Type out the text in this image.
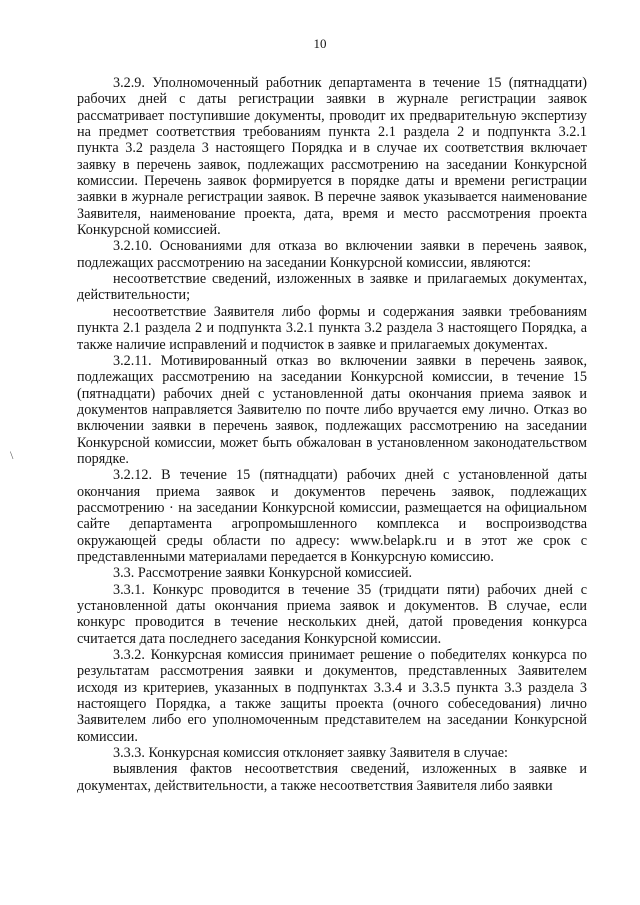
10
\

3.2.9. Уполномоченный работник департамента в течение 15 (пятнадцати) рабочих дней с даты регистрации заявки в журнале регистрации заявок рассматривает поступившие документы, проводит их предварительную экспертизу на предмет соответствия требованиям пункта 2.1 раздела 2 и подпункта 3.2.1 пункта 3.2 раздела 3 настоящего Порядка и в случае их соответствия включает заявку в перечень заявок, подлежащих рассмотрению на заседании Конкурсной комиссии. Перечень заявок формируется в порядке даты и времени регистрации заявки в журнале регистрации заявок. В перечне заявок указывается наименование Заявителя, наименование проекта, дата, время и место рассмотрения проекта Конкурсной комиссией.

3.2.10. Основаниями для отказа во включении заявки в перечень заявок, подлежащих рассмотрению на заседании Конкурсной комиссии, являются:

несоответствие сведений, изложенных в заявке и прилагаемых документах, действительности;

несоответствие Заявителя либо формы и содержания заявки требованиям пункта 2.1 раздела 2 и подпункта 3.2.1 пункта 3.2 раздела 3 настоящего Порядка, а также наличие исправлений и подчисток в заявке и прилагаемых документах.

3.2.11. Мотивированный отказ во включении заявки в перечень заявок, подлежащих рассмотрению на заседании Конкурсной комиссии, в течение 15 (пятнадцати) рабочих дней с установленной даты окончания приема заявок и документов направляется Заявителю по почте либо вручается ему лично. Отказ во включении заявки в перечень заявок, подлежащих рассмотрению на заседании Конкурсной комиссии, может быть обжалован в установленном законодательством порядке.

3.2.12. В течение 15 (пятнадцати) рабочих дней с установленной даты окончания приема заявок и документов перечень заявок, подлежащих рассмотрению · на заседании Конкурсной комиссии, размещается на официальном сайте департамента агропромышленного комплекса и воспроизводства окружающей среды области по адресу: www.belapk.ru и в этот же срок с представленными материалами передается в Конкурсную комиссию.

3.3. Рассмотрение заявки Конкурсной комиссией.

3.3.1. Конкурс проводится в течение 35 (тридцати пяти) рабочих дней с установленной даты окончания приема заявок и документов. В случае, если конкурс проводится в течение нескольких дней, датой проведения конкурса считается дата последнего заседания Конкурсной комиссии.

3.3.2. Конкурсная комиссия принимает решение о победителях конкурса по результатам рассмотрения заявки и документов, представленных Заявителем исходя из критериев, указанных в подпунктах 3.3.4 и 3.3.5 пункта 3.3 раздела 3 настоящего Порядка, а также защиты проекта (очного собеседования) лично Заявителем либо его уполномоченным представителем на заседании Конкурсной комиссии.

3.3.3. Конкурсная комиссия отклоняет заявку Заявителя в случае:

выявления фактов несоответствия сведений, изложенных в заявке и документах, действительности, а также несоответствия Заявителя либо заявки
